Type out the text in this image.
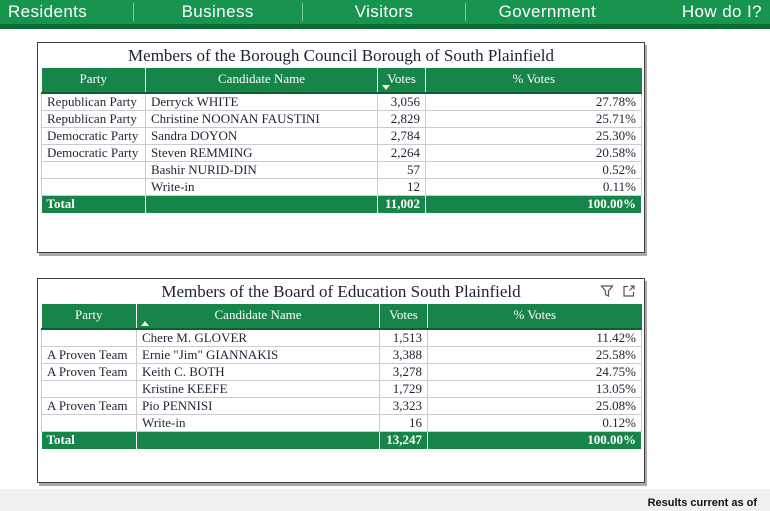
Residents	Business	Visitors	Government	How do I?
Members of the Borough Council Borough of South Plainfield
Party	Candidate Name	Votes	% Votes
Republican Party	Derryck WHITE	3,056	27.78%
Republican Party	Christine NOONAN FAUSTINI	2,829	25.71%
Democratic Party	Sandra DOYON	2,784	25.30%
Democratic Party	Steven REMMING	2,264	20.58%
	Bashir NURID-DIN	57	0.52%
	Write-in	12	0.11%
Total		11,002	100.00%
Members of the Board of Education South Plainfield
Party	Candidate Name	Votes	% Votes
	Chere M. GLOVER	1,513	11.42%
A Proven Team	Ernie "Jim" GIANNAKIS	3,388	25.58%
A Proven Team	Keith C. BOTH	3,278	24.75%
	Kristine KEEFE	1,729	13.05%
A Proven Team	Pio PENNISI	3,323	25.08%
	Write-in	16	0.12%
Total		13,247	100.00%
Results current as of
